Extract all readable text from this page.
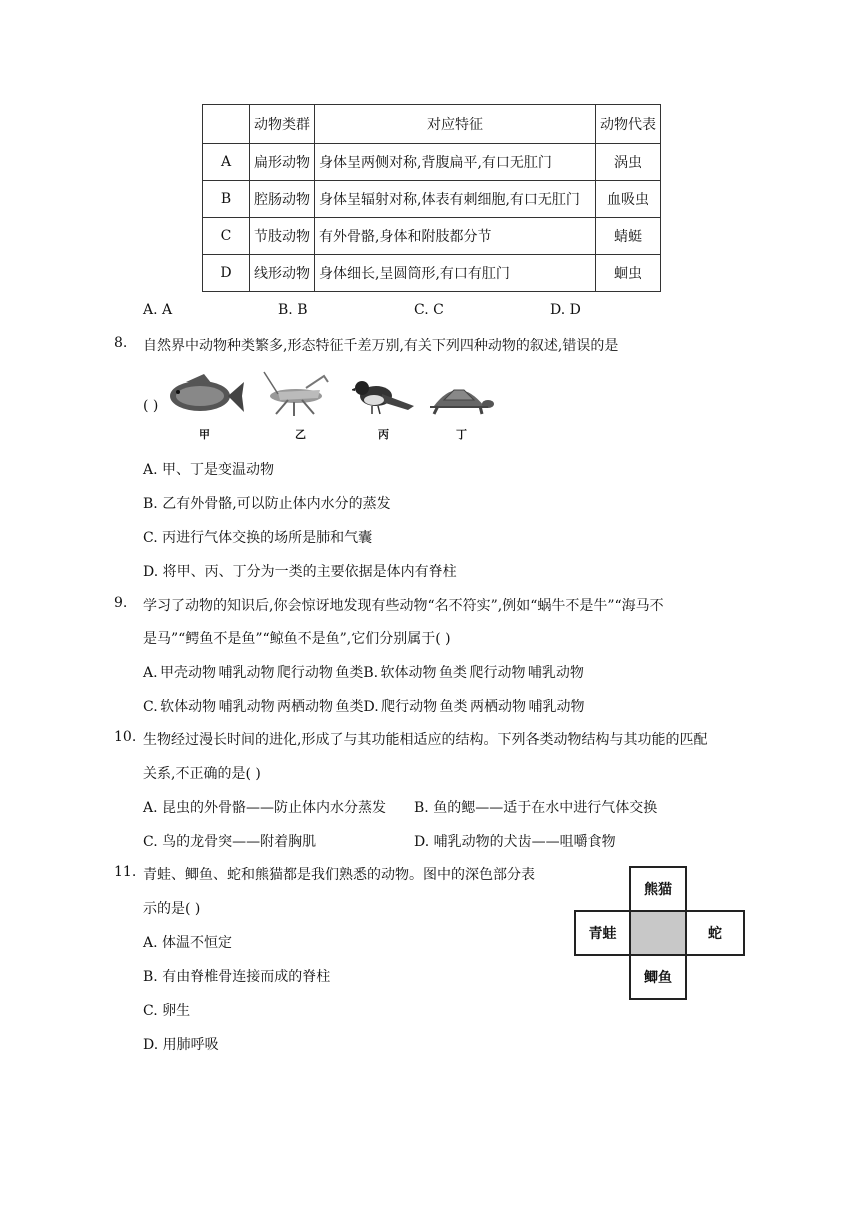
	动物类群	对应特征	动物代表
A	扁形动物	身体呈两侧对称,背腹扁平,有口无肛门	涡虫
B	腔肠动物	身体呈辐射对称,体表有刺细胞,有口无肛门	血吸虫
C	节肢动物	有外骨骼,身体和附肢都分节	蜻蜓
D	线形动物	身体细长,呈圆筒形,有口有肛门	蛔虫
A. A	B. B	C. C	D. D
8. 自然界中动物种类繁多,形态特征千差万别,有关下列四种动物的叙述,错误的是
( )
甲	乙	丙	丁
A. 甲、丁是变温动物
B. 乙有外骨骼,可以防止体内水分的蒸发
C. 丙进行气体交换的场所是肺和气囊
D. 将甲、丙、丁分为一类的主要依据是体内有脊柱
9. 学习了动物的知识后,你会惊讶地发现有些动物“名不符实”,例如“蜗牛不是牛”“海马不
是马”“鳄鱼不是鱼”“鲸鱼不是鱼”,它们分别属于( )
A. 甲壳动物 哺乳动物 爬行动物 鱼类B. 软体动物 鱼类 爬行动物 哺乳动物
C. 软体动物 哺乳动物 两栖动物 鱼类D. 爬行动物 鱼类 两栖动物 哺乳动物
10. 生物经过漫长时间的进化,形成了与其功能相适应的结构。下列各类动物结构与其功能的匹配
关系,不正确的是( )
A. 昆虫的外骨骼——防止体内水分蒸发 B. 鱼的鳃——适于在水中进行气体交换
C. 鸟的龙骨突——附着胸肌	D. 哺乳动物的犬齿——咀嚼食物
11. 青蛙、鲫鱼、蛇和熊猫都是我们熟悉的动物。图中的深色部分表
示的是( )
A. 体温不恒定
B. 有由脊椎骨连接而成的脊柱
C. 卵生
D. 用肺呼吸
熊猫
青蛙	蛇
鲫鱼
